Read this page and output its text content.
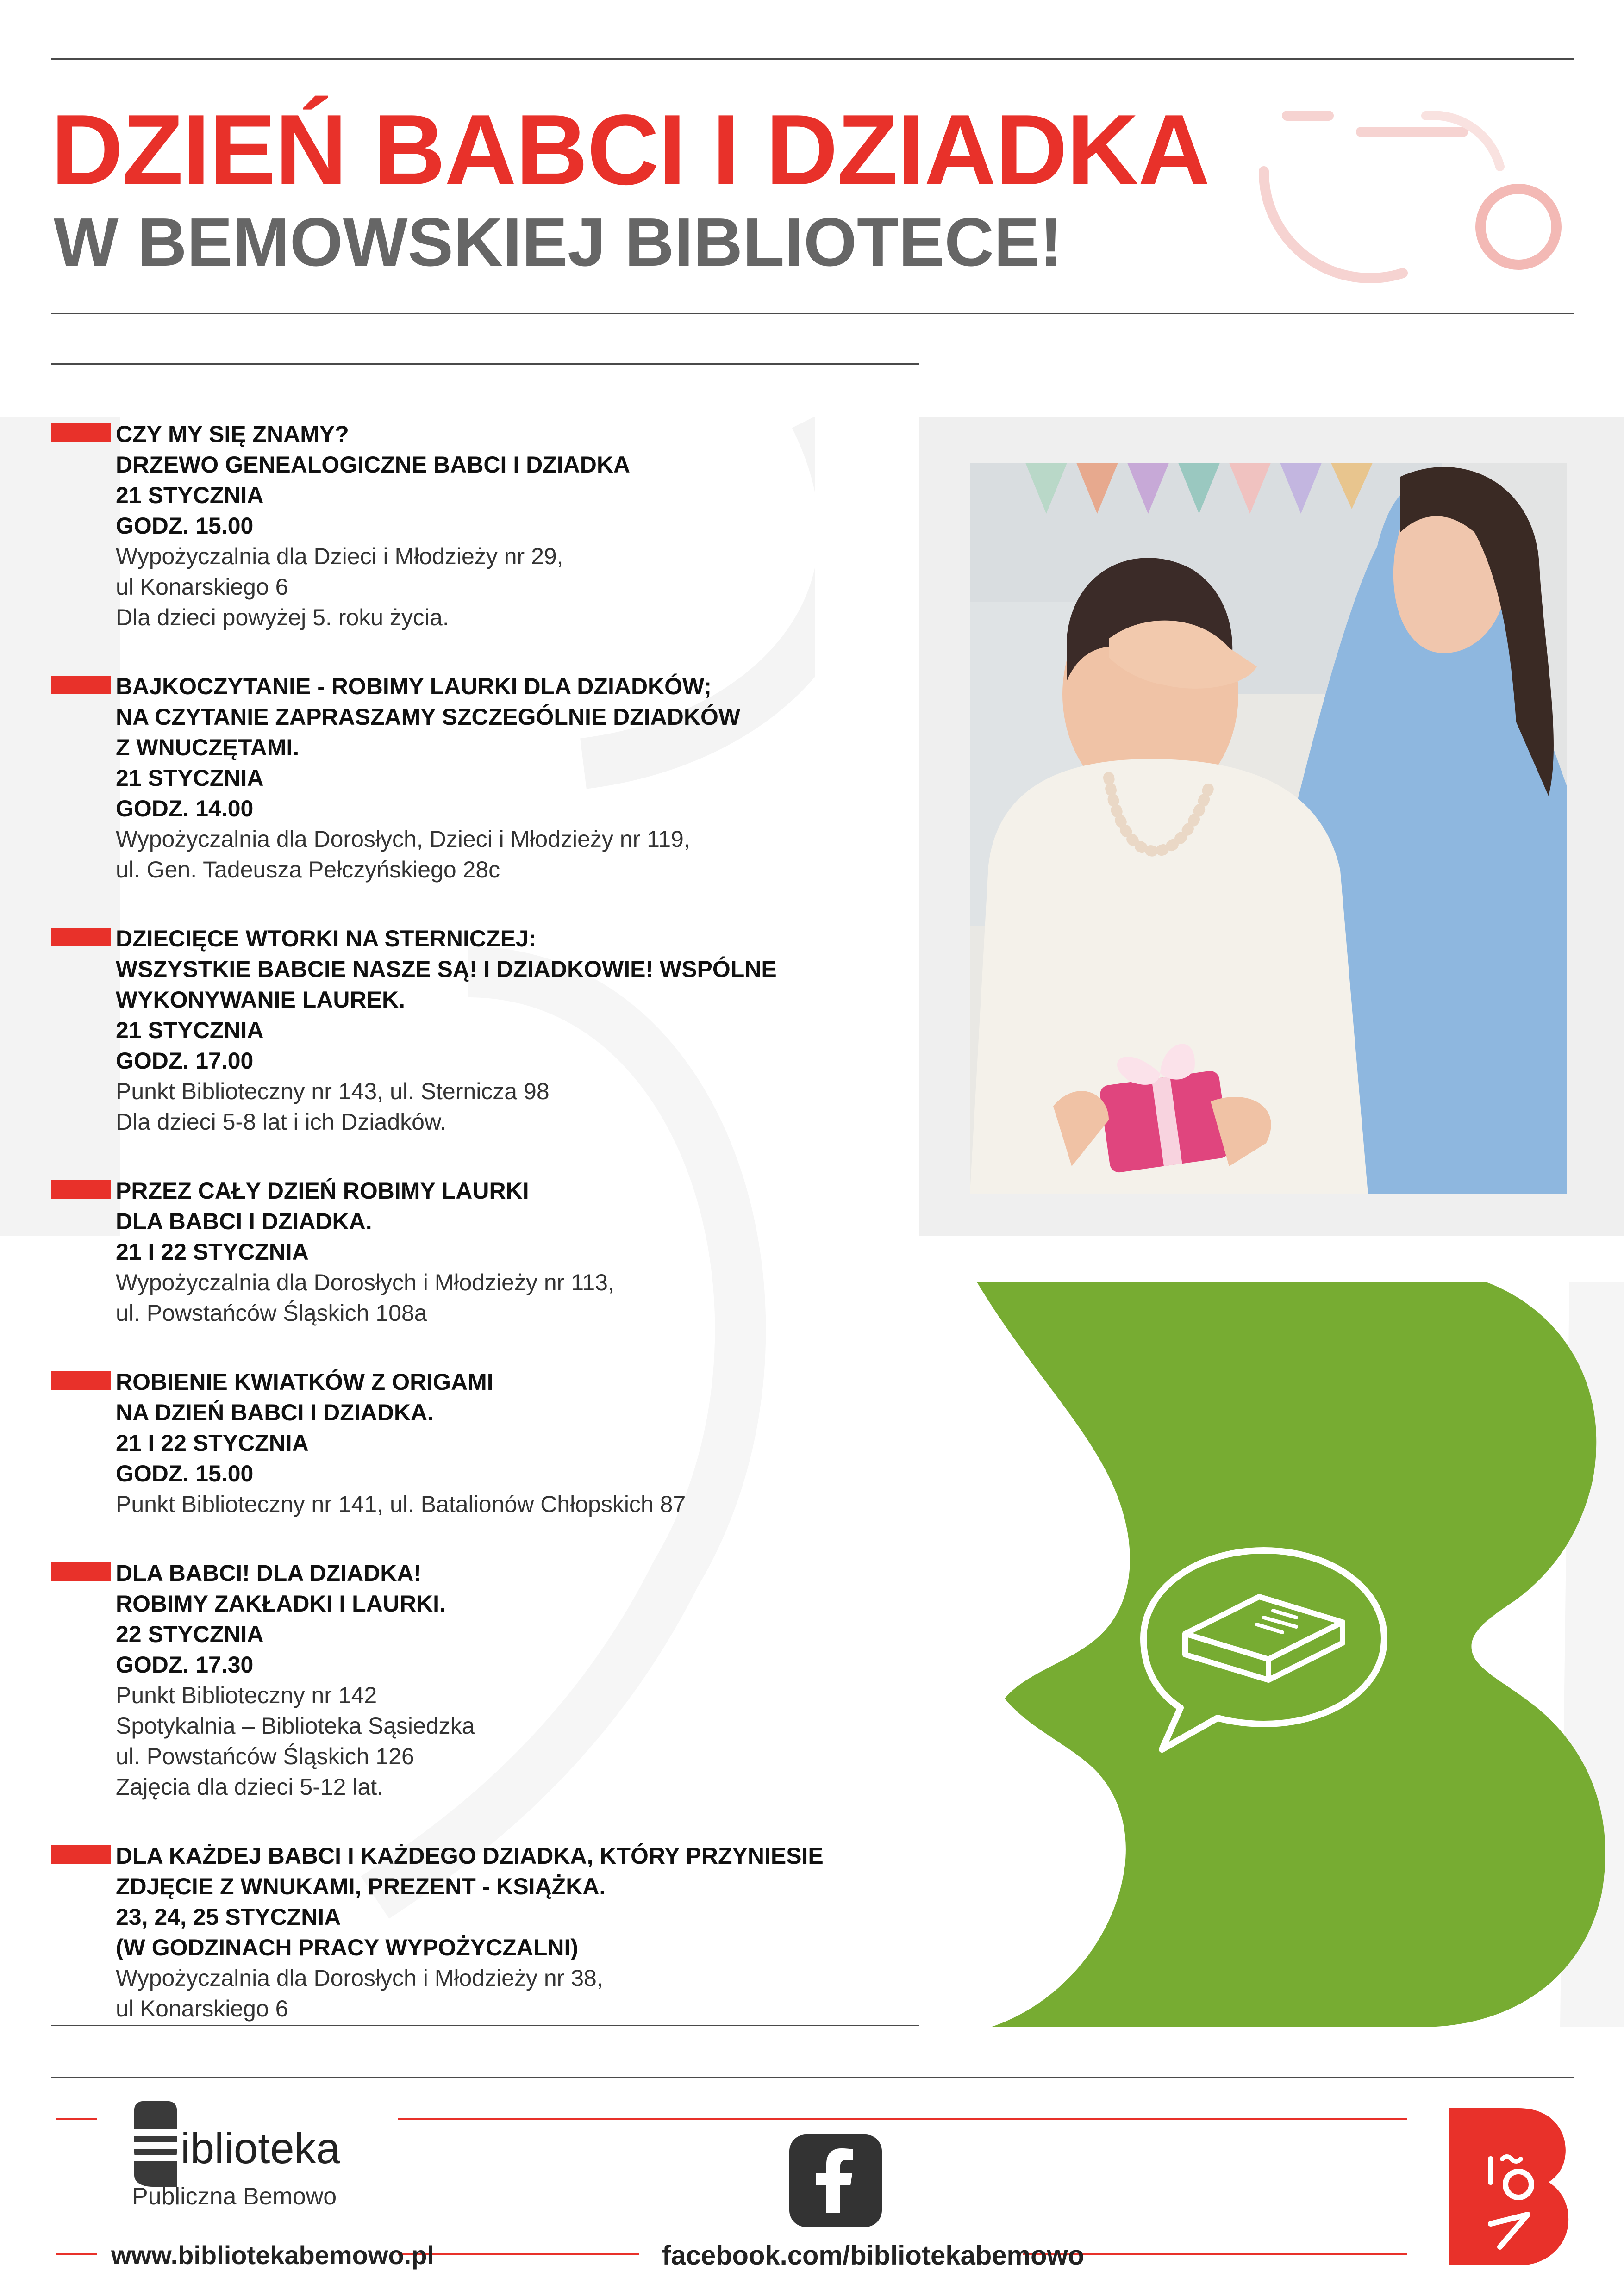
DZIEŃ BABCI I DZIADKA
W BEMOWSKIEJ BIBLIOTECE!
CZY MY SIĘ ZNAMY?
DRZEWO GENEALOGICZNE BABCI I DZIADKA
21 STYCZNIA
GODZ. 15.00
Wypożyczalnia dla Dzieci i Młodzieży nr 29,
ul Konarskiego 6
Dla dzieci powyżej 5. roku życia.
BAJKOCZYTANIE - ROBIMY LAURKI DLA DZIADKÓW;
NA CZYTANIE ZAPRASZAMY SZCZEGÓLNIE DZIADKÓW
Z WNUCZĘTAMI.
21 STYCZNIA
GODZ. 14.00
Wypożyczalnia dla Dorosłych, Dzieci i Młodzieży nr 119,
ul. Gen. Tadeusza Pełczyńskiego 28c
DZIECIĘCE WTORKI NA STERNICZEJ:
WSZYSTKIE BABCIE NASZE SĄ! I DZIADKOWIE! WSPÓLNE
WYKONYWANIE LAUREK.
21 STYCZNIA
GODZ. 17.00
Punkt Biblioteczny nr 143, ul. Sternicza 98
Dla dzieci 5-8 lat i ich Dziadków.
PRZEZ CAŁY DZIEŃ ROBIMY LAURKI
DLA BABCI I DZIADKA.
21 I 22 STYCZNIA
Wypożyczalnia dla Dorosłych i Młodzieży nr 113,
ul. Powstańców Śląskich 108a
ROBIENIE KWIATKÓW Z ORIGAMI
NA DZIEŃ BABCI I DZIADKA.
21 I 22 STYCZNIA
GODZ. 15.00
Punkt Biblioteczny nr 141, ul. Batalionów Chłopskich 87
DLA BABCI! DLA DZIADKA!
ROBIMY ZAKŁADKI I LAURKI.
22 STYCZNIA
GODZ. 17.30
Punkt Biblioteczny nr 142
Spotykalnia – Biblioteka Sąsiedzka
ul. Powstańców Śląskich 126
Zajęcia dla dzieci 5-12 lat.
DLA KAŻDEJ BABCI I KAŻDEGO DZIADKA, KTÓRY PRZYNIESIE
ZDJĘCIE Z WNUKAMI, PREZENT - KSIĄŻKA.
23, 24, 25 STYCZNIA
(W GODZINACH PRACY WYPOŻYCZALNI)
Wypożyczalnia dla Dorosłych i Młodzieży nr 38,
ul Konarskiego 6
iblioteka
Publiczna Bemowo
www.bibliotekabemowo.pl	facebook.com/bibliotekabemowo
